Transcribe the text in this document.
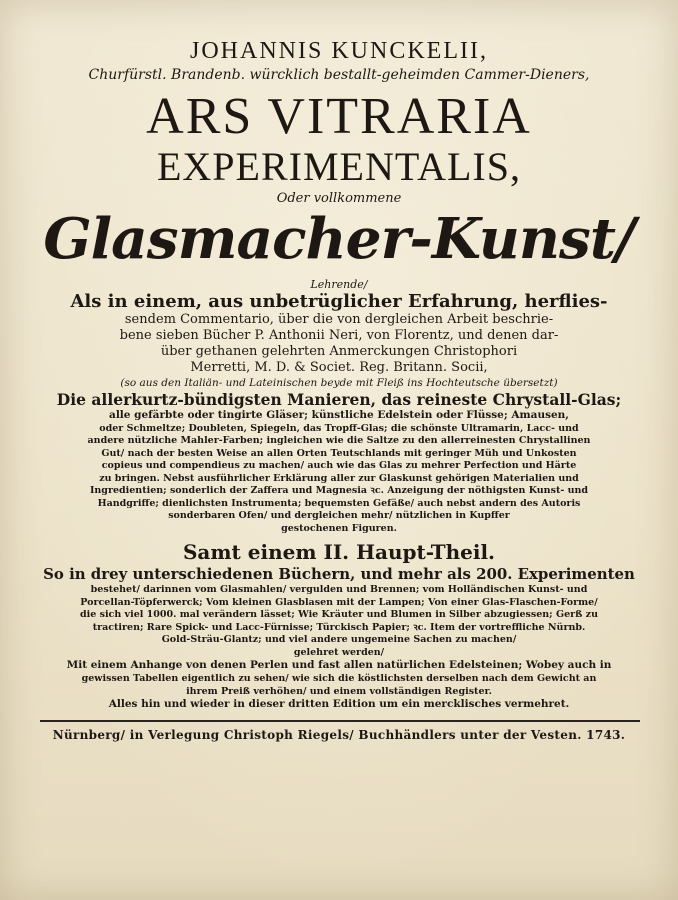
JOHANNIS KUNCKELII,
Churfürstl. Brandenb. würcklich bestallt-geheimden Cammer-Dieners,
ARS VITRARIA
EXPERIMENTALIS,
Oder vollkommene
Glasmacher-Kunst/
Lehrende/
Als in einem, aus unbetrüglicher Erfahrung, herflies-
sendem Commentario, über die von dergleichen Arbeit beschrie-
bene sieben Bücher P. Anthonii Neri, von Florentz, und denen dar-
über gethanen gelehrten Anmerckungen Christophori
Merretti, M. D. & Societ. Reg. Britann. Socii,
(so aus den Italiän- und Lateinischen beyde mit Fleiß ins Hochteutsche übersetzt)
Die allerkurtz-bündigsten Manieren, das reineste Chrystall-Glas;
alle gefärbte oder tingirte Gläser; künstliche Edelstein oder Flüsse; Amausen,
oder Schmeltze; Doubleten, Spiegeln, das Tropff-Glas; die schönste Ultramarin, Lacc- und
andere nützliche Mahler-Farben; ingleichen wie die Saltze zu den allerreinesten Chrystallinen
Gut/ nach der besten Weise an allen Orten Teutschlands mit geringer Müh und Unkosten
copieus und compendieus zu machen/ auch wie das Glas zu mehrer Perfection und Härte
zu bringen. Nebst ausführlicher Erklärung aller zur Glaskunst gehörigen Materialien und
Ingredientien; sonderlich der Zaffera und Magnesia ꝛc. Anzeigung der nöthigsten Kunst- und
Handgriffe; dienlichsten Instrumenta; bequemsten Gefäße/ auch nebst andern des Autoris
sonderbaren Ofen/ und dergleichen mehr/ nützlichen in Kupffer
gestochenen Figuren.
Samt einem II. Haupt-Theil.
So in drey unterschiedenen Büchern, und mehr als 200. Experimenten
bestehet/ darinnen vom Glasmahlen/ vergulden und Brennen; vom Holländischen Kunst- und
Porcellan-Töpferwerck; Vom kleinen Glasblasen mit der Lampen; Von einer Glas-Flaschen-Forme/
die sich viel 1000. mal verändern lässet; Wie Kräuter und Blumen in Silber abzugiessen; Gerß zu
tractiren; Rare Spick- und Lacc-Fürnisse; Türckisch Papier; ꝛc. Item der vortreffliche Nürnb.
Gold-Sträu-Glantz; und viel andere ungemeine Sachen zu machen/
gelehret werden/
Mit einem Anhange von denen Perlen und fast allen natürlichen Edelsteinen; Wobey auch in
gewissen Tabellen eigentlich zu sehen/ wie sich die köstlichsten derselben nach dem Gewicht an
ihrem Preiß verhöhen/ und einem vollständigen Register.
Alles hin und wieder in dieser dritten Edition um ein mercklisches vermehret.
Nürnberg/ in Verlegung Christoph Riegels/ Buchhändlers unter der Vesten. 1743.
